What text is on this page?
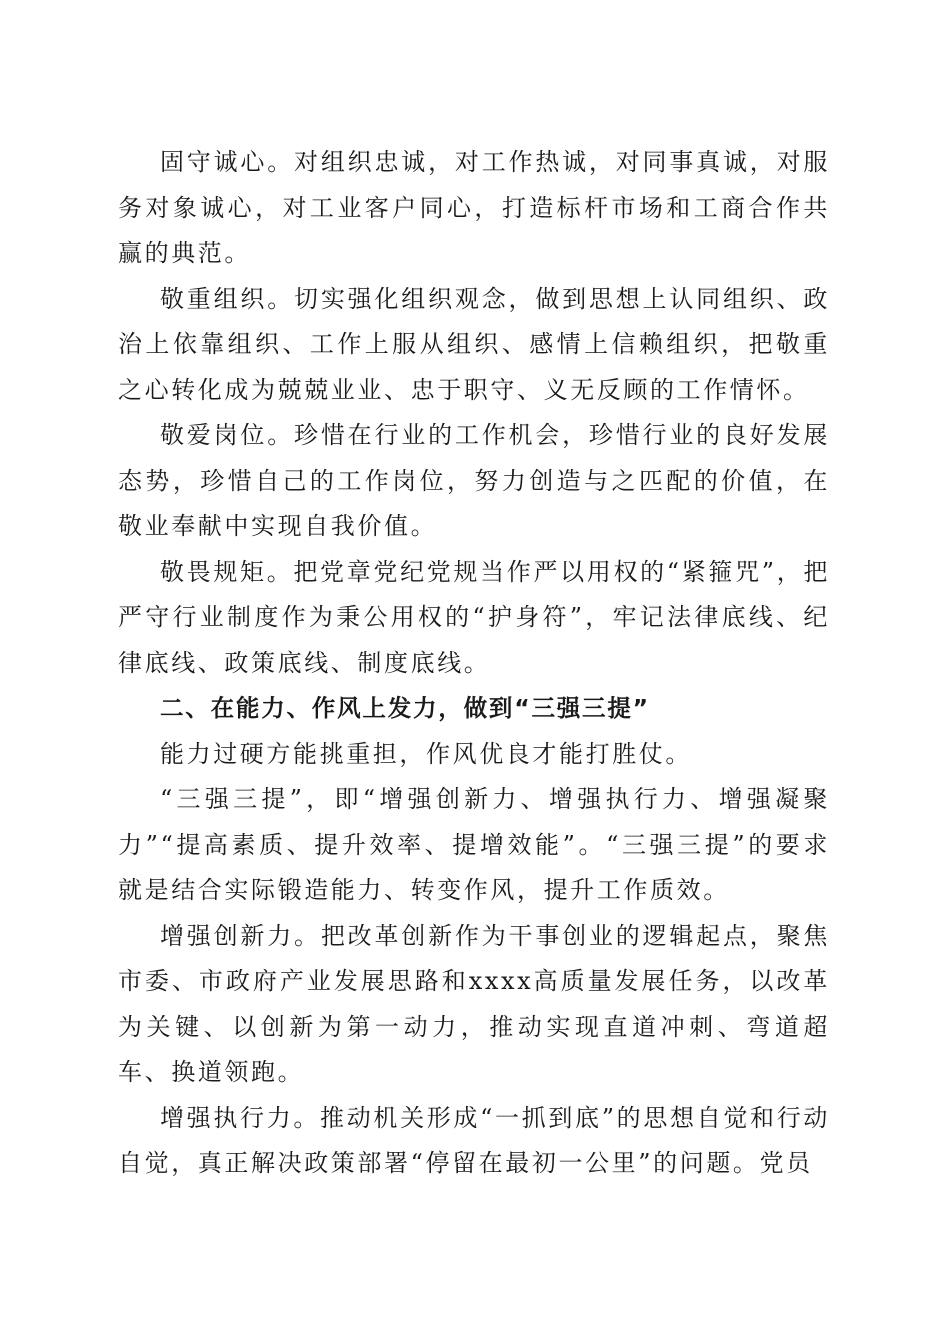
固守诚心。对组织忠诚，对工作热诚，对同事真诚，对服务对象诚心，对工业客户同心，打造标杆市场和工商合作共赢的典范。

敬重组织。切实强化组织观念，做到思想上认同组织、政治上依靠组织、工作上服从组织、感情上信赖组织，把敬重之心转化成为兢兢业业、忠于职守、义无反顾的工作情怀。

敬爱岗位。珍惜在行业的工作机会，珍惜行业的良好发展态势，珍惜自己的工作岗位，努力创造与之匹配的价值，在敬业奉献中实现自我价值。

敬畏规矩。把党章党纪党规当作严以用权的“紧箍咒”，把严守行业制度作为秉公用权的“护身符”，牢记法律底线、纪律底线、政策底线、制度底线。

二、在能力、作风上发力，做到“三强三提”

能力过硬方能挑重担，作风优良才能打胜仗。

“三强三提”，即“增强创新力、增强执行力、增强凝聚力”“提高素质、提升效率、提增效能”。“三强三提”的要求就是结合实际锻造能力、转变作风，提升工作质效。

增强创新力。把改革创新作为干事创业的逻辑起点，聚焦市委、市政府产业发展思路和xxxx高质量发展任务，以改革为关键、以创新为第一动力，推动实现直道冲刺、弯道超车、换道领跑。

增强执行力。推动机关形成“一抓到底”的思想自觉和行动自觉，真正解决政策部署“停留在最初一公里”的问题。党员
